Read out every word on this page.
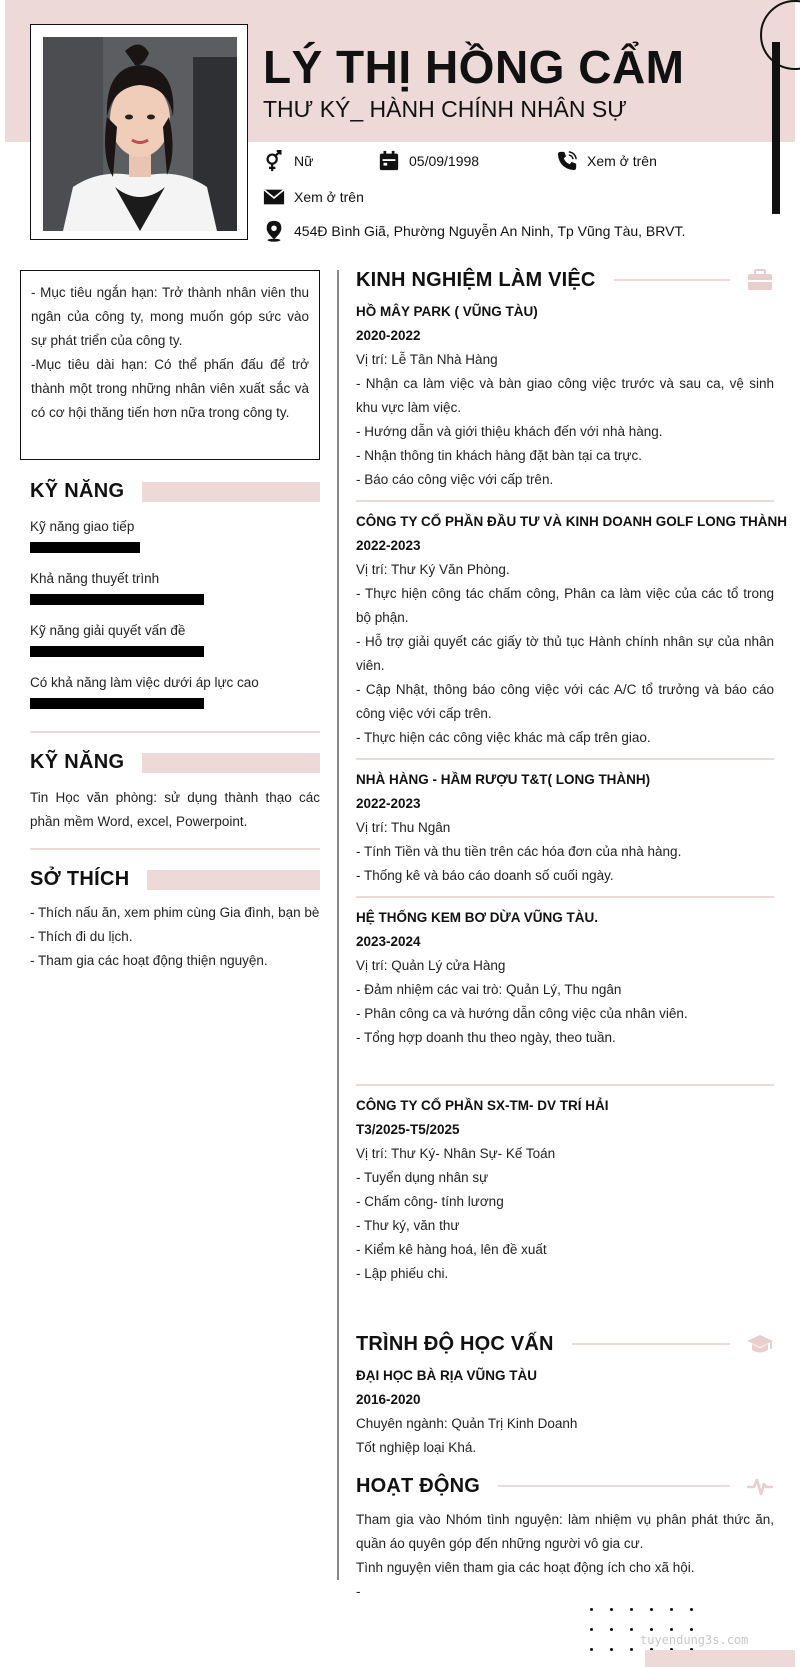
LÝ THỊ HỒNG CẨM
THƯ KÝ_ HÀNH CHÍNH NHÂN SỰ
Nữ	05/09/1998	Xem ở trên
Xem ở trên
454Đ Bình Giã, Phường Nguyễn An Ninh, Tp Vũng Tàu, BRVT.

- Mục tiêu ngắn hạn: Trở thành nhân viên thu ngân của công ty, mong muốn góp sức vào sự phát triển của công ty.

-Mục tiêu dài hạn: Có thể phấn đấu để trở thành một trong những nhân viên xuất sắc và có cơ hội thăng tiến hơn nữa trong công ty.

KỸ NĂNG
Kỹ năng giao tiếp
Khả năng thuyết trình
Kỹ năng giải quyết vấn đề
Có khả năng làm việc dưới áp lực cao
KỸ NĂNG
Tin Học văn phòng: sử dụng thành thạo các phần mềm Word, excel, Powerpoint.
SỞ THÍCH
- Thích nấu ăn, xem phim cùng Gia đình, bạn bè
- Thích đi du lịch.
- Tham gia các hoạt động thiện nguyện.
KINH NGHIỆM LÀM VIỆC
HỒ MÂY PARK ( VŨNG TÀU)
2020-2022
Vị trí: Lễ Tân Nhà Hàng
- Nhận ca làm việc và bàn giao công việc trước và sau ca, vệ sinh khu vực làm việc.
- Hướng dẫn và giới thiệu khách đến với nhà hàng.
- Nhận thông tin khách hàng đặt bàn tại ca trực.
- Báo cáo công việc với cấp trên.
CÔNG TY CỔ PHẦN ĐẦU TƯ VÀ KINH DOANH GOLF LONG THÀNH
2022-2023
Vị trí: Thư Ký Văn Phòng.
- Thực hiện công tác chấm công, Phân ca làm việc của các tổ trong bộ phận.
- Hỗ trợ giải quyết các giấy tờ thủ tục Hành chính nhân sự của nhân viên.
- Cập Nhật, thông báo công việc với các A/C tổ trưởng và báo cáo công việc với cấp trên.
- Thực hiện các công việc khác mà cấp trên giao.
NHÀ HÀNG - HẦM RƯỢU T&T( LONG THÀNH)
2022-2023
Vị trí: Thu Ngân
- Tính Tiền và thu tiền trên các hóa đơn của nhà hàng.
- Thống kê và báo cáo doanh số cuối ngày.
HỆ THỐNG KEM BƠ DỪA VŨNG TÀU.
2023-2024
Vị trí: Quản Lý cửa Hàng
- Đảm nhiệm các vai trò: Quản Lý, Thu ngân
- Phân công ca và hướng dẫn công việc của nhân viên.
- Tổng hợp doanh thu theo ngày, theo tuần.
CÔNG TY CỔ PHẦN SX-TM- DV TRÍ HẢI
T3/2025-T5/2025
Vị trí: Thư Ký- Nhân Sự- Kế Toán
- Tuyển dụng nhân sự
- Chấm công- tính lương
- Thư ký, văn thư
- Kiểm kê hàng hoá, lên đề xuất
- Lập phiếu chi.
TRÌNH ĐỘ HỌC VẤN
ĐẠI HỌC BÀ RỊA VŨNG TÀU
2016-2020
Chuyên ngành: Quản Trị Kinh Doanh
Tốt nghiệp loại Khá.
HOẠT ĐỘNG
Tham gia vào Nhóm tình nguyện: làm nhiệm vụ phân phát thức ăn, quần áo quyên góp đến những người vô gia cư.
Tình nguyện viên tham gia các hoạt động ích cho xã hội.
-
tuyendung3s.com
